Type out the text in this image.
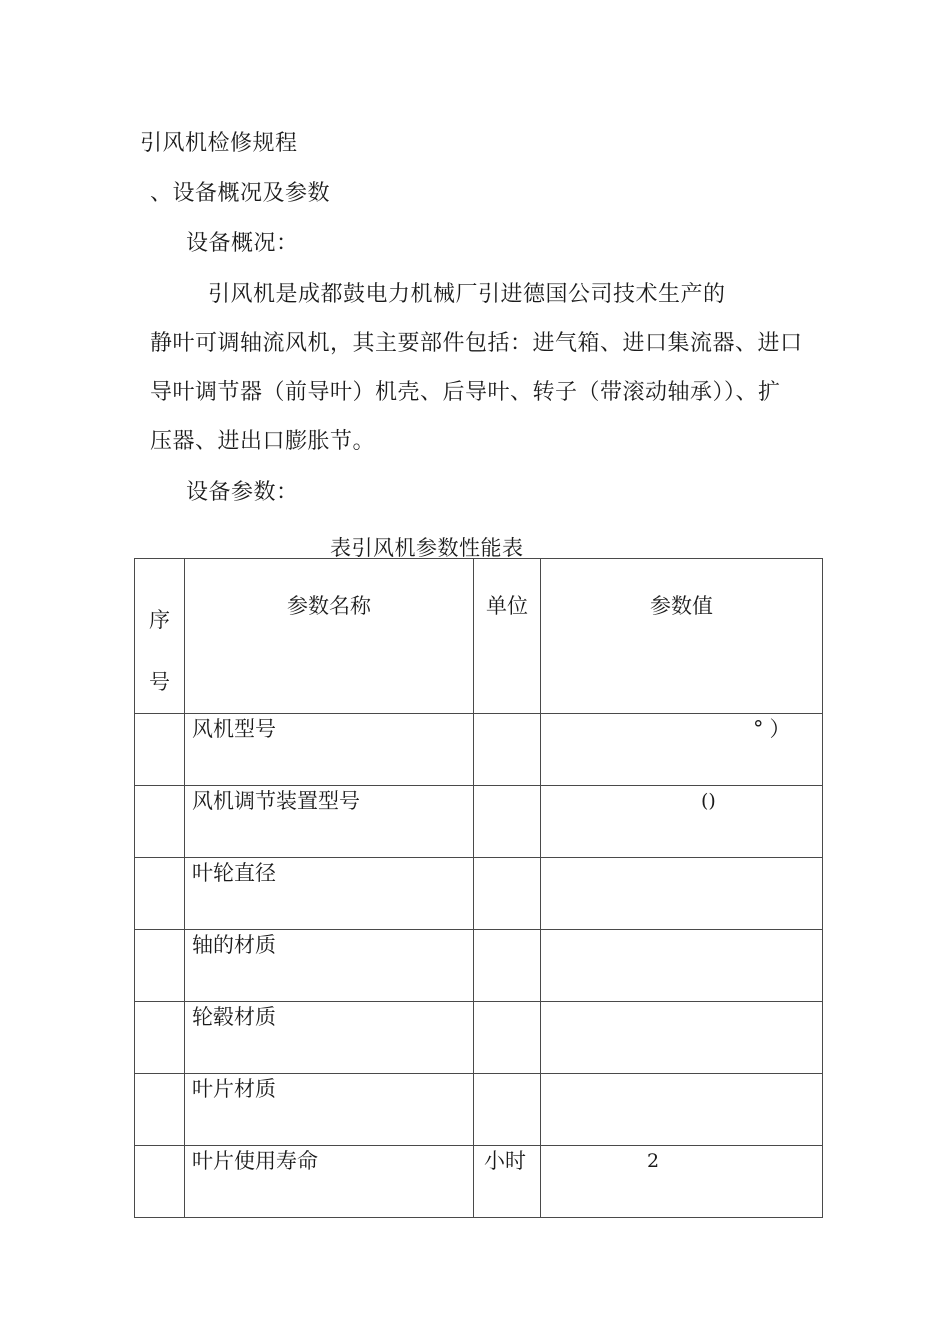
引风机检修规程
、设备概况及参数
设备概况：
引风机是成都鼓电力机械厂引进德国公司技术生产的
静叶可调轴流风机，其主要部件包括：进气箱、进口集流器、进口
导叶调节器（前导叶）机壳、后导叶、转子（带滚动轴承））、扩
压器、进出口膨胀节。
设备参数：
表引风机参数性能表
序
号	参数名称	单位	参数值
	风机型号		°）

	风机调节装置型号		()

	叶轮直径		
	轴的材质		
	轮毂材质		
	叶片材质		
	叶片使用寿命	小时	2
